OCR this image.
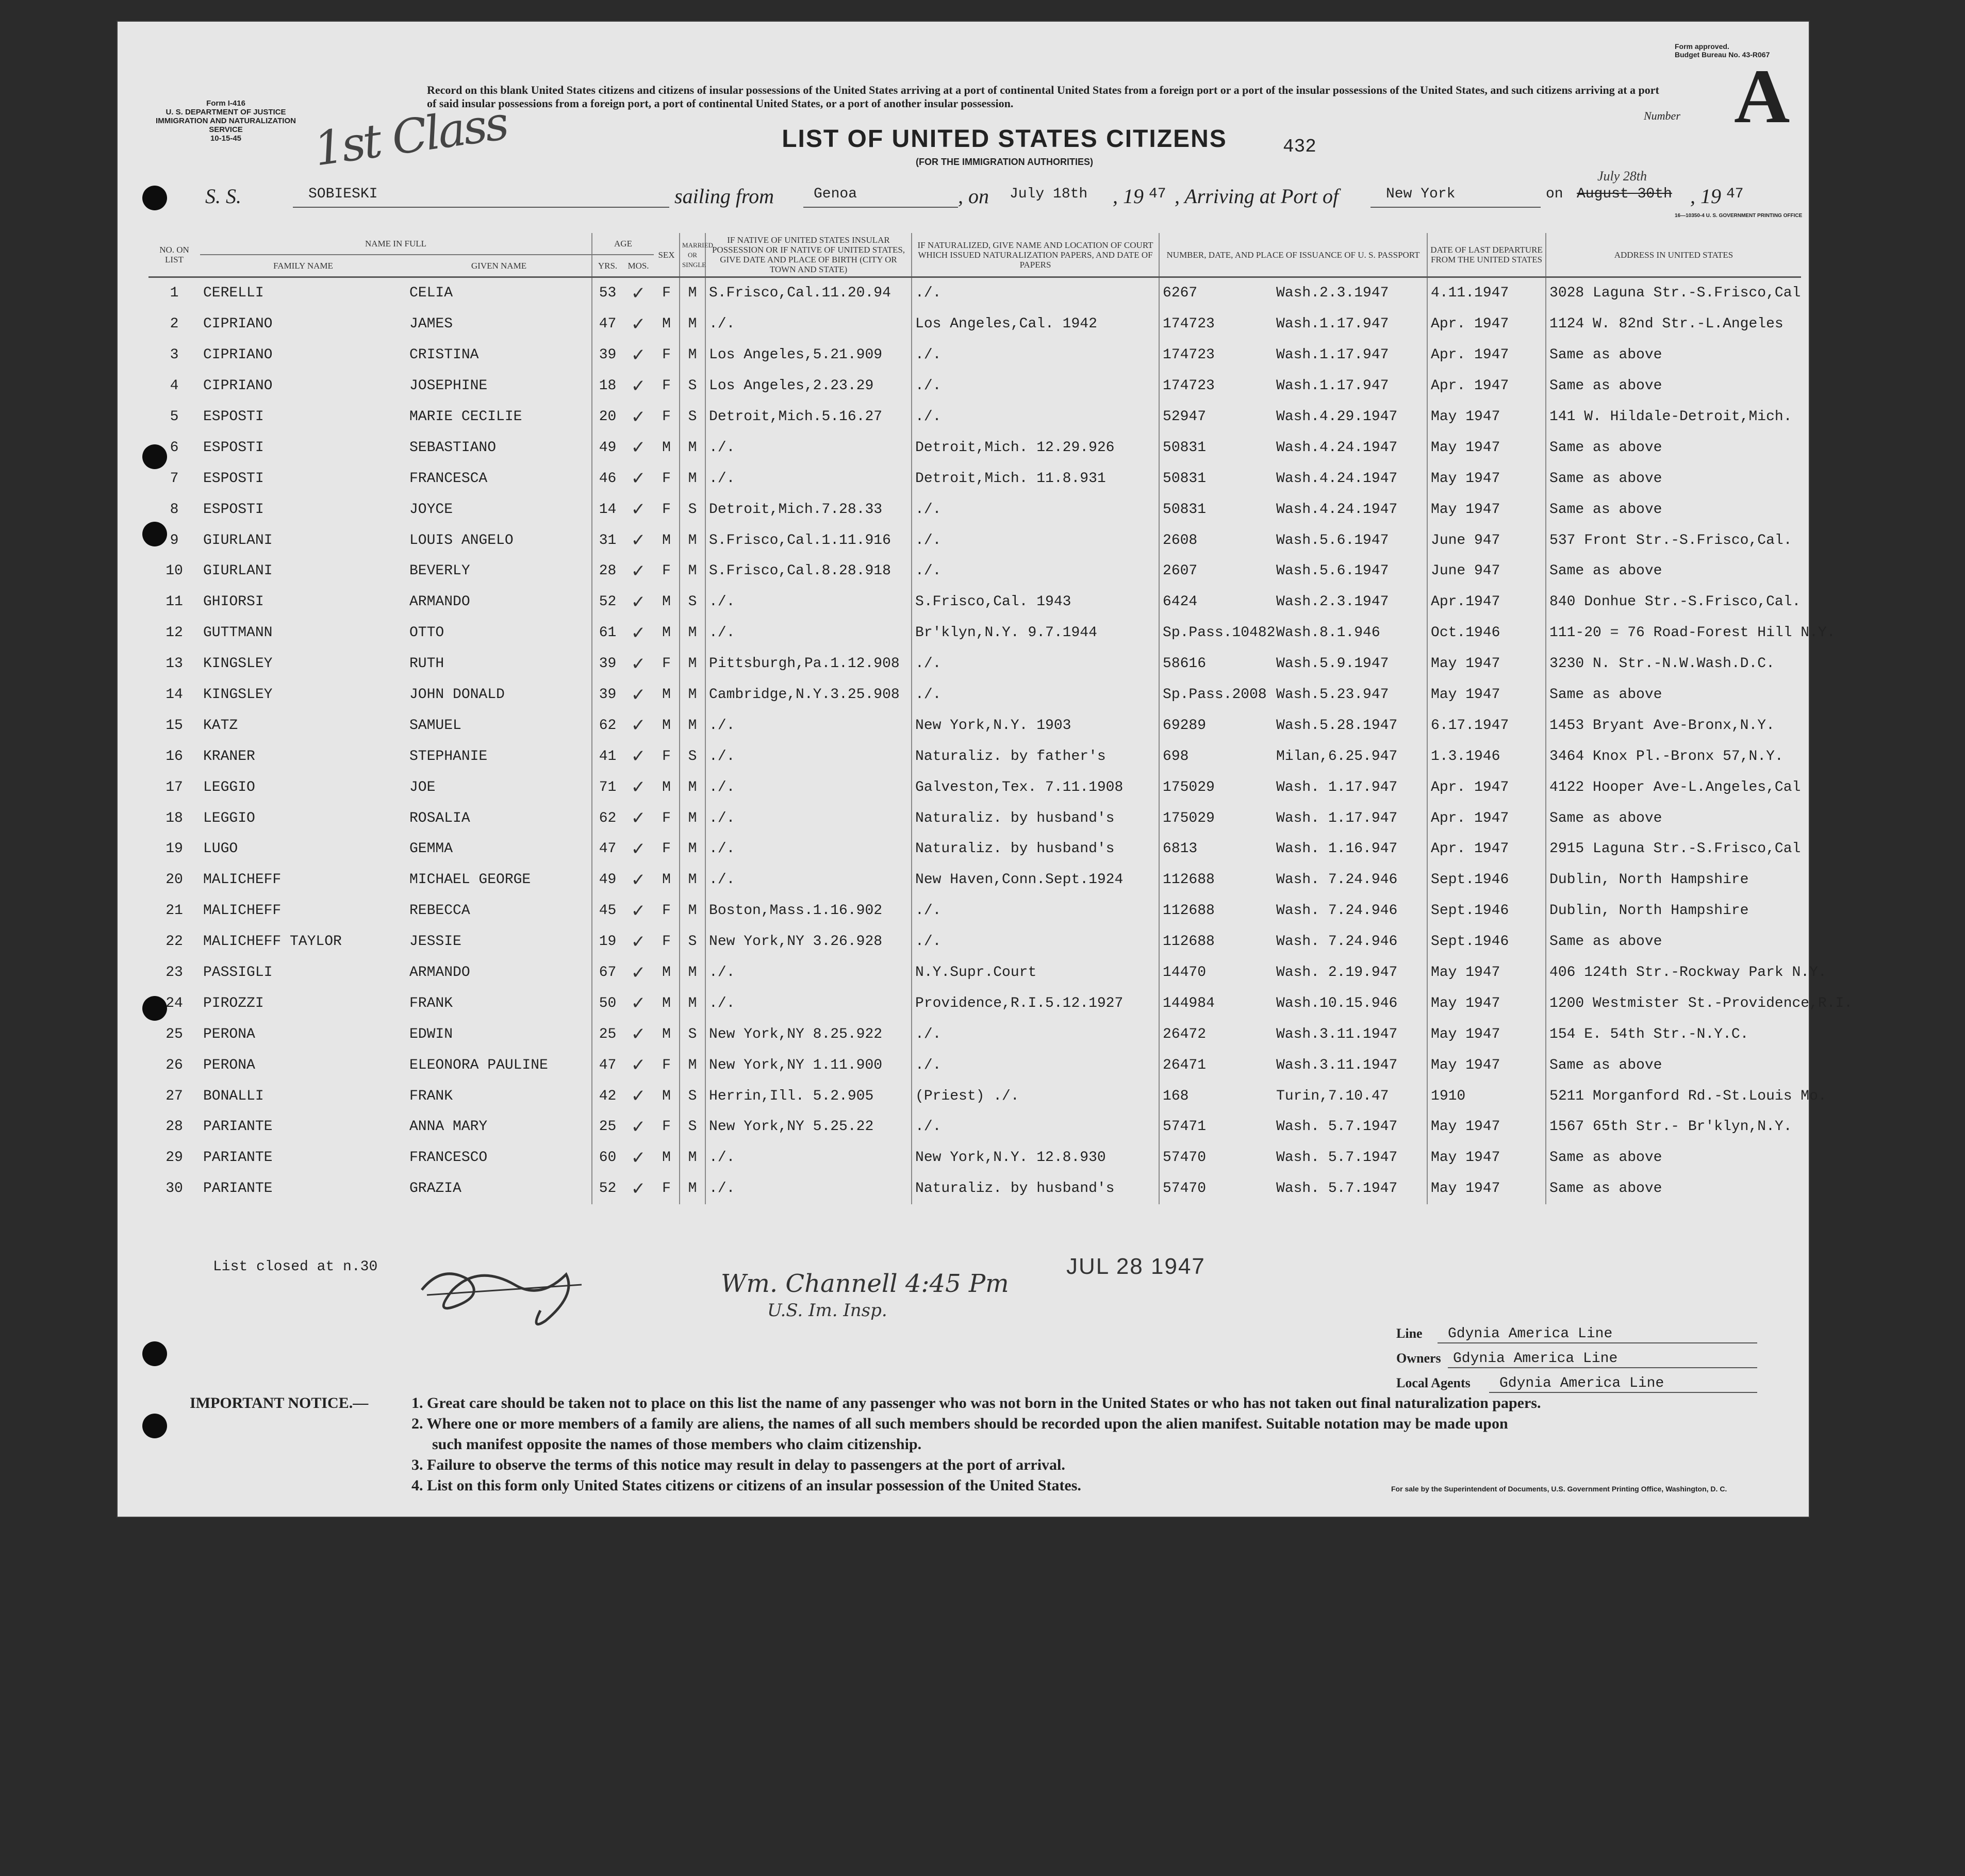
Form I-416
U. S. DEPARTMENT OF JUSTICE
IMMIGRATION AND NATURALIZATION SERVICE
10-15-45	1st Class
Record on this blank United States citizens and citizens of insular possessions of the United States arriving at a port of continental United States from a foreign port or a port of the insular possessions of the United States, and such citizens arriving at a port of said insular possessions from a foreign port, a port of continental United States, or a port of another insular possession.
Form approved.
Budget Bureau No. 43-R067
Number A
LIST OF UNITED STATES CITIZENS
(FOR THE IMMIGRATION AUTHORITIES)
432
S. S.	SOBIESKI	sailing from	Genoa	, on July 18th , 19 47 , Arriving at Port of	New York	on August 30th
July 28th
, 19 47
16—10350-4 U. S. GOVERNMENT PRINTING OFFICE
NO. ON LIST	NAME IN FULL		AGE		SEX	MARRIED OR SINGLE	IF NATIVE OF UNITED STATES INSULAR POSSESSION OR IF NATIVE OF UNITED STATES, GIVE DATE AND PLACE OF BIRTH (CITY OR TOWN AND STATE)	IF NATURALIZED, GIVE NAME AND LOCATION OF COURT WHICH ISSUED NATURALIZATION PAPERS, AND DATE OF PAPERS	NUMBER, DATE, AND PLACE OF ISSUANCE OF U. S. PASSPORT	DATE OF LAST DEPARTURE FROM THE UNITED STATES	ADDRESS IN UNITED STATES
	FAMILY NAME	GIVEN NAME	YRS.	MOS.							
1	CERELLI	CELIA	53	✓	F	M	S.Frisco,Cal.11.20.94	./.	6267 Wash.2.3.1947	4.11.1947	3028 Laguna Str.-S.Frisco,Cal
2	CIPRIANO	JAMES	47	✓	M	M	./.	Los Angeles,Cal. 1942	174723 Wash.1.17.947	Apr. 1947	1124 W. 82nd Str.-L.Angeles
3	CIPRIANO	CRISTINA	39	✓	F	M	Los Angeles,5.21.909	./.	174723 Wash.1.17.947	Apr. 1947	Same as above
4	CIPRIANO	JOSEPHINE	18	✓	F	S	Los Angeles,2.23.29	./.	174723 Wash.1.17.947	Apr. 1947	Same as above
5	ESPOSTI	MARIE CECILIE	20	✓	F	S	Detroit,Mich.5.16.27	./.	52947 Wash.4.29.1947	May 1947	141 W. Hildale-Detroit,Mich.
6	ESPOSTI	SEBASTIANO	49	✓	M	M	./.	Detroit,Mich. 12.29.926	50831 Wash.4.24.1947	May 1947	Same as above
7	ESPOSTI	FRANCESCA	46	✓	F	M	./.	Detroit,Mich. 11.8.931	50831 Wash.4.24.1947	May 1947	Same as above
8	ESPOSTI	JOYCE	14	✓	F	S	Detroit,Mich.7.28.33	./.	50831 Wash.4.24.1947	May 1947	Same as above
9	GIURLANI	LOUIS ANGELO	31	✓	M	M	S.Frisco,Cal.1.11.916	./.	2608 Wash.5.6.1947	June 947	537 Front Str.-S.Frisco,Cal.
10	GIURLANI	BEVERLY	28	✓	F	M	S.Frisco,Cal.8.28.918	./.	2607 Wash.5.6.1947	June 947	Same as above
11	GHIORSI	ARMANDO	52	✓	M	S	./.	S.Frisco,Cal. 1943	6424 Wash.2.3.1947	Apr.1947	840 Donhue Str.-S.Frisco,Cal.
12	GUTTMANN	OTTO	61	✓	M	M	./.	Br'klyn,N.Y. 9.7.1944	Sp.Pass.10482Wash.8.1.946	Oct.1946	111-20 = 76 Road-Forest Hill N.Y.
13	KINGSLEY	RUTH	39	✓	F	M	Pittsburgh,Pa.1.12.908	./.	58616 Wash.5.9.1947	May 1947	3230 N. Str.-N.W.Wash.D.C.
14	KINGSLEY	JOHN DONALD	39	✓	M	M	Cambridge,N.Y.3.25.908	./.	Sp.Pass.2008 Wash.5.23.947	May 1947	Same as above
15	KATZ	SAMUEL	62	✓	M	M	./.	New York,N.Y. 1903	69289 Wash.5.28.1947	6.17.1947	1453 Bryant Ave-Bronx,N.Y.
16	KRANER	STEPHANIE	41	✓	F	S	./.	Naturaliz. by father's	698 Milan,6.25.947	1.3.1946	3464 Knox Pl.-Bronx 57,N.Y.
17	LEGGIO	JOE	71	✓	M	M	./.	Galveston,Tex. 7.11.1908	175029 Wash. 1.17.947	Apr. 1947	4122 Hooper Ave-L.Angeles,Cal
18	LEGGIO	ROSALIA	62	✓	F	M	./.	Naturaliz. by husband's	175029 Wash. 1.17.947	Apr. 1947	Same as above
19	LUGO	GEMMA	47	✓	F	M	./.	Naturaliz. by husband's	6813 Wash. 1.16.947	Apr. 1947	2915 Laguna Str.-S.Frisco,Cal
20	MALICHEFF	MICHAEL GEORGE	49	✓	M	M	./.	New Haven,Conn.Sept.1924	112688 Wash. 7.24.946	Sept.1946	Dublin, North Hampshire
21	MALICHEFF	REBECCA	45	✓	F	M	Boston,Mass.1.16.902	./.	112688 Wash. 7.24.946	Sept.1946	Dublin, North Hampshire
22	MALICHEFF TAYLOR	JESSIE	19	✓	F	S	New York,NY 3.26.928	./.	112688 Wash. 7.24.946	Sept.1946	Same as above
23	PASSIGLI	ARMANDO	67	✓	M	M	./.	N.Y.Supr.Court	14470 Wash. 2.19.947	May 1947	406 124th Str.-Rockway Park N.Y.
24	PIROZZI	FRANK	50	✓	M	M	./.	Providence,R.I.5.12.1927	144984 Wash.10.15.946	May 1947	1200 Westmister St.-Providence,R.I.
25	PERONA	EDWIN	25	✓	M	S	New York,NY 8.25.922	./.	26472 Wash.3.11.1947	May 1947	154 E. 54th Str.-N.Y.C.
26	PERONA	ELEONORA PAULINE	47	✓	F	M	New York,NY 1.11.900	./.	26471 Wash.3.11.1947	May 1947	Same as above
27	BONALLI	FRANK	42	✓	M	S	Herrin,Ill. 5.2.905	(Priest) ./.	168 Turin,7.10.47	1910	5211 Morganford Rd.-St.Louis Mo.
28	PARIANTE	ANNA MARY	25	✓	F	S	New York,NY 5.25.22	./.	57471 Wash. 5.7.1947	May 1947	1567 65th Str.- Br'klyn,N.Y.
29	PARIANTE	FRANCESCO	60	✓	M	M	./.	New York,N.Y. 12.8.930	57470 Wash. 5.7.1947	May 1947	Same as above
30	PARIANTE	GRAZIA	52	✓	F	M	./.	Naturaliz. by husband's	57470 Wash. 5.7.1947	May 1947	Same as above
List closed at n.30
Wm. Channell 4:45 Pm
U.S. Im. Insp.
JUL 28 1947
Line Gdynia America Line
Owners Gdynia America Line
Local Agents Gdynia America Line
IMPORTANT NOTICE.—	1. Great care should be taken not to place on this list the name of any passenger who was not born in the United States or who has not taken out final naturalization papers.
2. Where one or more members of a family are aliens, the names of all such members should be recorded upon the alien manifest. Suitable notation may be made upon
such manifest opposite the names of those members who claim citizenship.
3. Failure to observe the terms of this notice may result in delay to passengers at the port of arrival.
4. List on this form only United States citizens or citizens of an insular possession of the United States.	For sale by the Superintendent of Documents, U.S. Government Printing Office, Washington, D. C.
